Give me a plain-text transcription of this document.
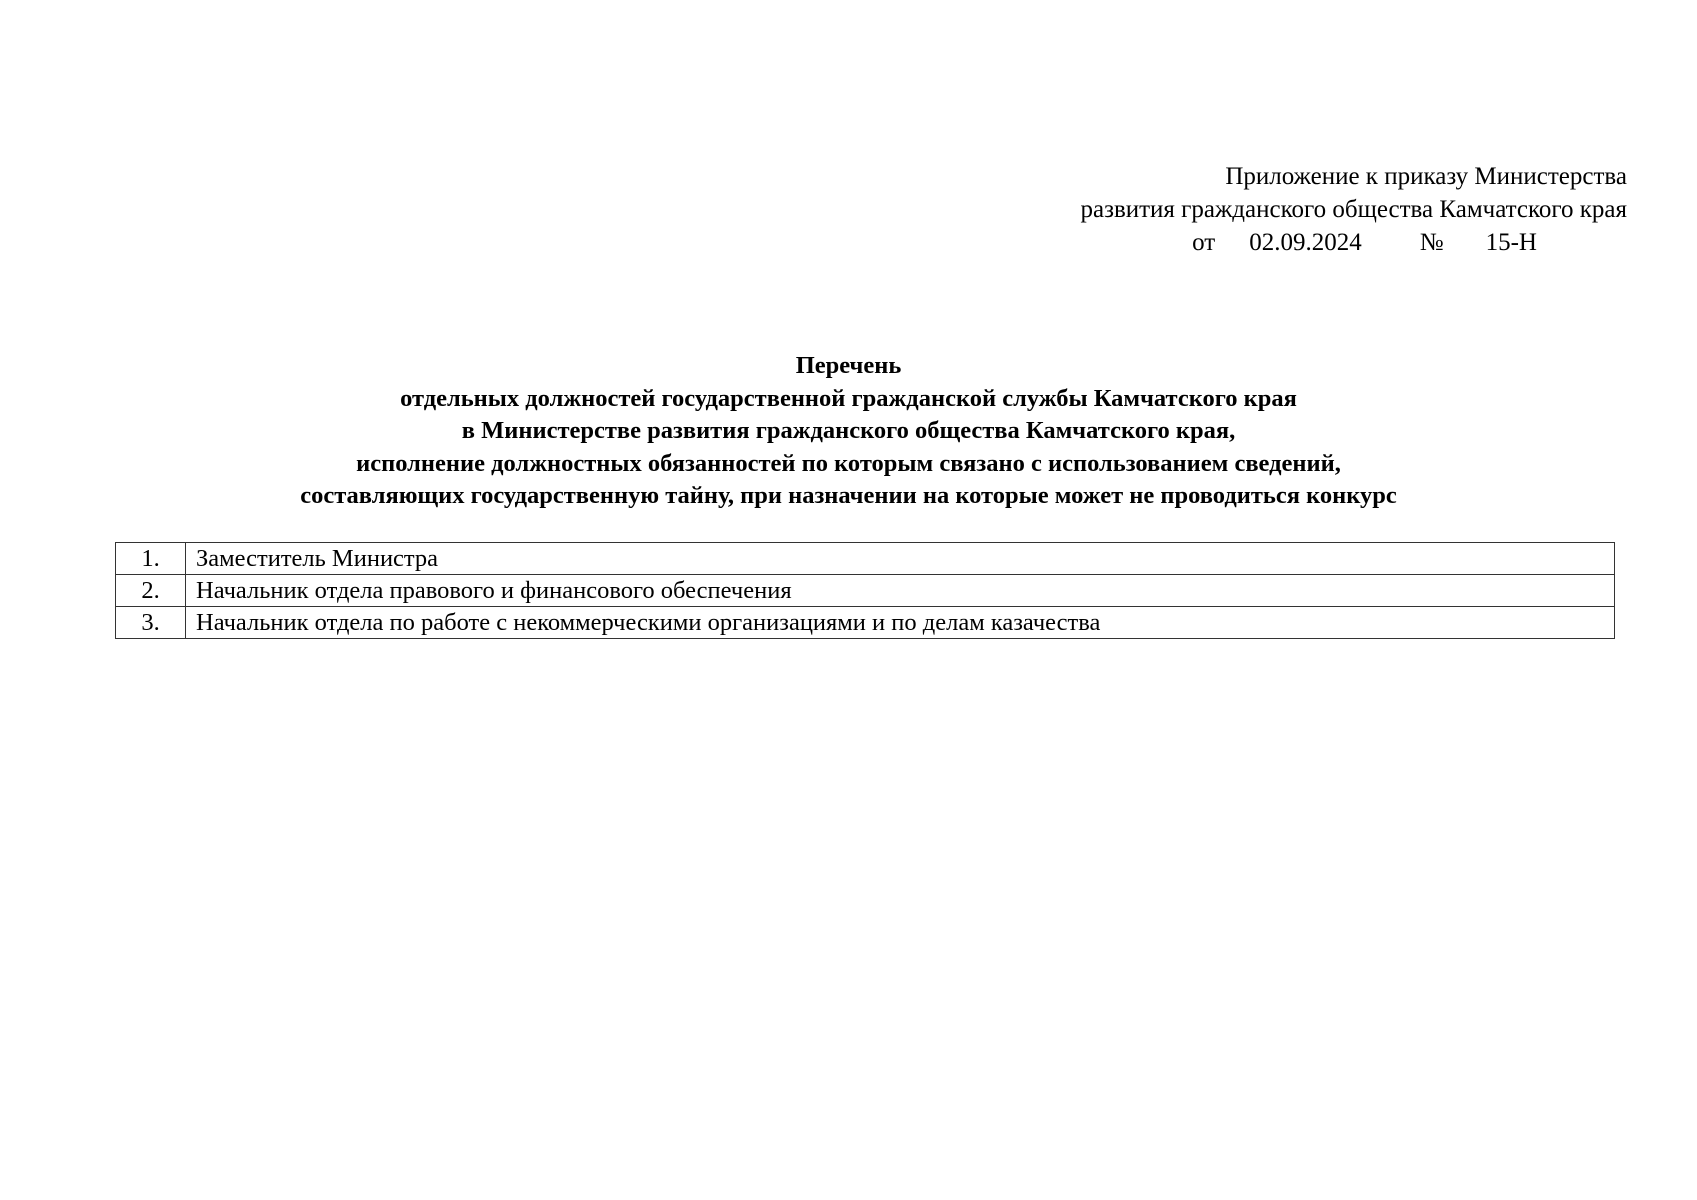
Приложение к приказу Министерства
развития гражданского общества Камчатского края
от 02.09.2024 № 15-Н
Перечень
отдельных должностей государственной гражданской службы Камчатского края
в Министерстве развития гражданского общества Камчатского края,
исполнение должностных обязанностей по которым связано с использованием сведений,
составляющих государственную тайну, при назначении на которые может не проводиться конкурс
1.	Заместитель Министра
2.	Начальник отдела правового и финансового обеспечения
3.	Начальник отдела по работе с некоммерческими организациями и по делам казачества
